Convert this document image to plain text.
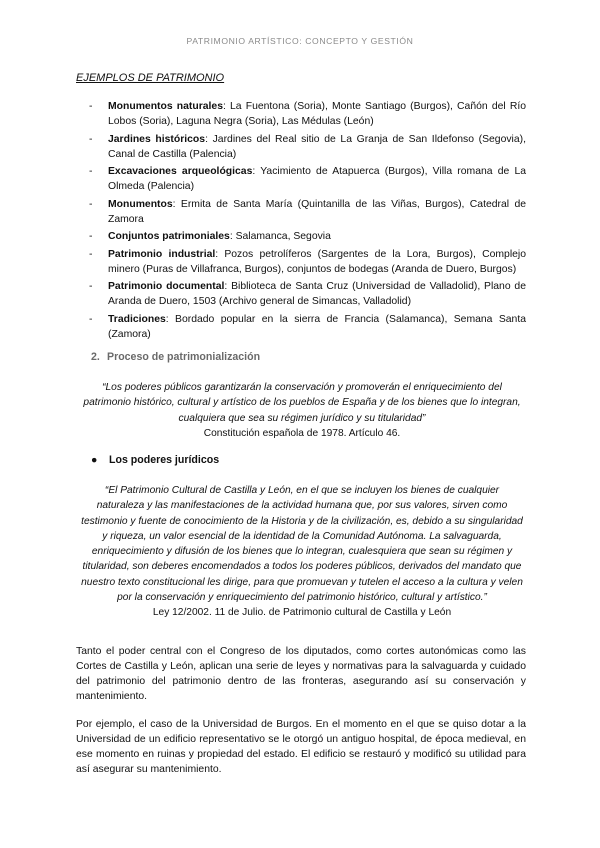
PATRIMONIO ARTÍSTICO: CONCEPTO Y GESTIÓN
EJEMPLOS DE PATRIMONIO
- Monumentos naturales: La Fuentona (Soria), Monte Santiago (Burgos), Cañón del Río Lobos (Soria), Laguna Negra (Soria), Las Médulas (León)
- Jardines históricos: Jardines del Real sitio de La Granja de San Ildefonso (Segovia), Canal de Castilla (Palencia)
- Excavaciones arqueológicas: Yacimiento de Atapuerca (Burgos), Villa romana de La Olmeda (Palencia)
- Monumentos: Ermita de Santa María (Quintanilla de las Viñas, Burgos), Catedral de Zamora
- Conjuntos patrimoniales: Salamanca, Segovia
- Patrimonio industrial: Pozos petrolíferos (Sargentes de la Lora, Burgos), Complejo minero (Puras de Villafranca, Burgos), conjuntos de bodegas (Aranda de Duero, Burgos)
- Patrimonio documental: Biblioteca de Santa Cruz (Universidad de Valladolid), Plano de Aranda de Duero, 1503 (Archivo general de Simancas, Valladolid)
- Tradiciones: Bordado popular en la sierra de Francia (Salamanca), Semana Santa (Zamora)
2. Proceso de patrimonialización
“Los poderes públicos garantizarán la conservación y promoverán el enriquecimiento del patrimonio histórico, cultural y artístico de los pueblos de España y de los bienes que lo integran, cualquiera que sea su régimen jurídico y su titularidad”
Constitución española de 1978. Artículo 46.
● Los poderes jurídicos
“El Patrimonio Cultural de Castilla y León, en el que se incluyen los bienes de cualquier naturaleza y las manifestaciones de la actividad humana que, por sus valores, sirven como testimonio y fuente de conocimiento de la Historia y de la civilización, es, debido a su singularidad y riqueza, un valor esencial de la identidad de la Comunidad Autónoma. La salvaguarda, enriquecimiento y difusión de los bienes que lo integran, cualesquiera que sean su régimen y titularidad, son deberes encomendados a todos los poderes públicos, derivados del mandato que nuestro texto constitucional les dirige, para que promuevan y tutelen el acceso a la cultura y velen por la conservación y enriquecimiento del patrimonio histórico, cultural y artístico.”
Ley 12/2002. 11 de Julio. de Patrimonio cultural de Castilla y León

Tanto el poder central con el Congreso de los diputados, como cortes autonómicas como las Cortes de Castilla y León, aplican una serie de leyes y normativas para la salvaguarda y cuidado del patrimonio del patrimonio dentro de las fronteras, asegurando así su conservación y mantenimiento.

Por ejemplo, el caso de la Universidad de Burgos. En el momento en el que se quiso dotar a la Universidad de un edificio representativo se le otorgó un antiguo hospital, de época medieval, en ese momento en ruinas y propiedad del estado. El edificio se restauró y modificó su utilidad para así asegurar su mantenimiento.
